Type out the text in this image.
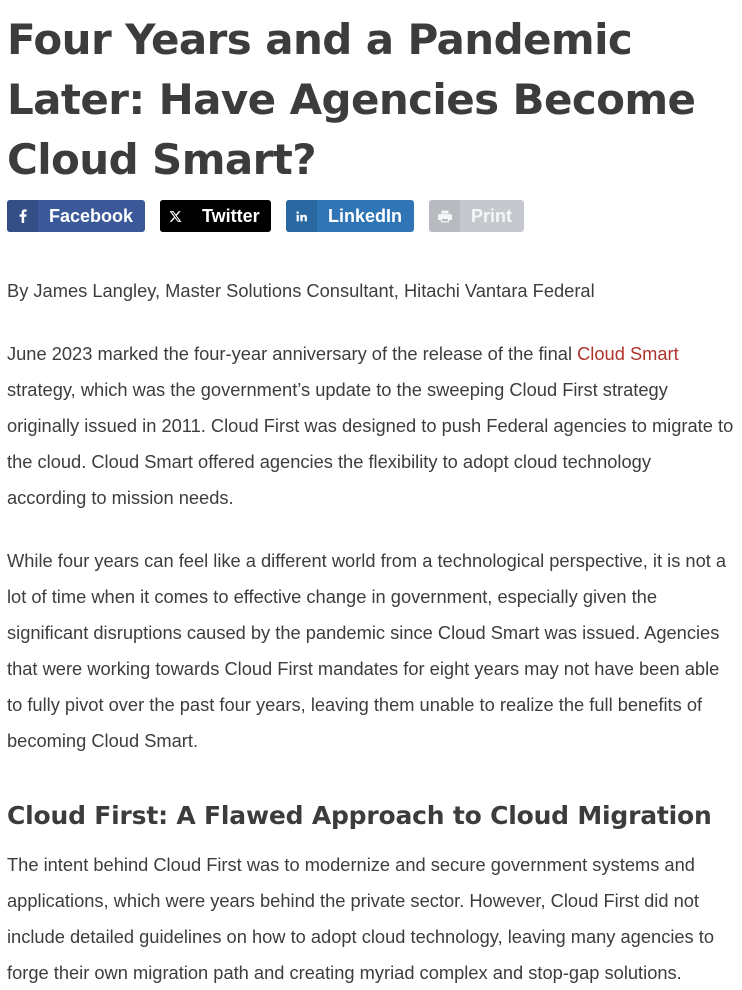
Four Years and a Pandemic Later: Have Agencies Become Cloud Smart?
Facebook	Twitter	LinkedIn	Print

By James Langley, Master Solutions Consultant, Hitachi Vantara Federal

June 2023 marked the four-year anniversary of the release of the final Cloud Smart strategy, which was the government’s update to the sweeping Cloud First strategy originally issued in 2011. Cloud First was designed to push Federal agencies to migrate to the cloud. Cloud Smart offered agencies the flexibility to adopt cloud technology according to mission needs.

While four years can feel like a different world from a technological perspective, it is not a lot of time when it comes to effective change in government, especially given the significant disruptions caused by the pandemic since Cloud Smart was issued. Agencies that were working towards Cloud First mandates for eight years may not have been able to fully pivot over the past four years, leaving them unable to realize the full benefits of becoming Cloud Smart.

Cloud First: A Flawed Approach to Cloud Migration

The intent behind Cloud First was to modernize and secure government systems and applications, which were years behind the private sector. However, Cloud First did not include detailed guidelines on how to adopt cloud technology, leaving many agencies to forge their own migration path and creating myriad complex and stop-gap solutions.
